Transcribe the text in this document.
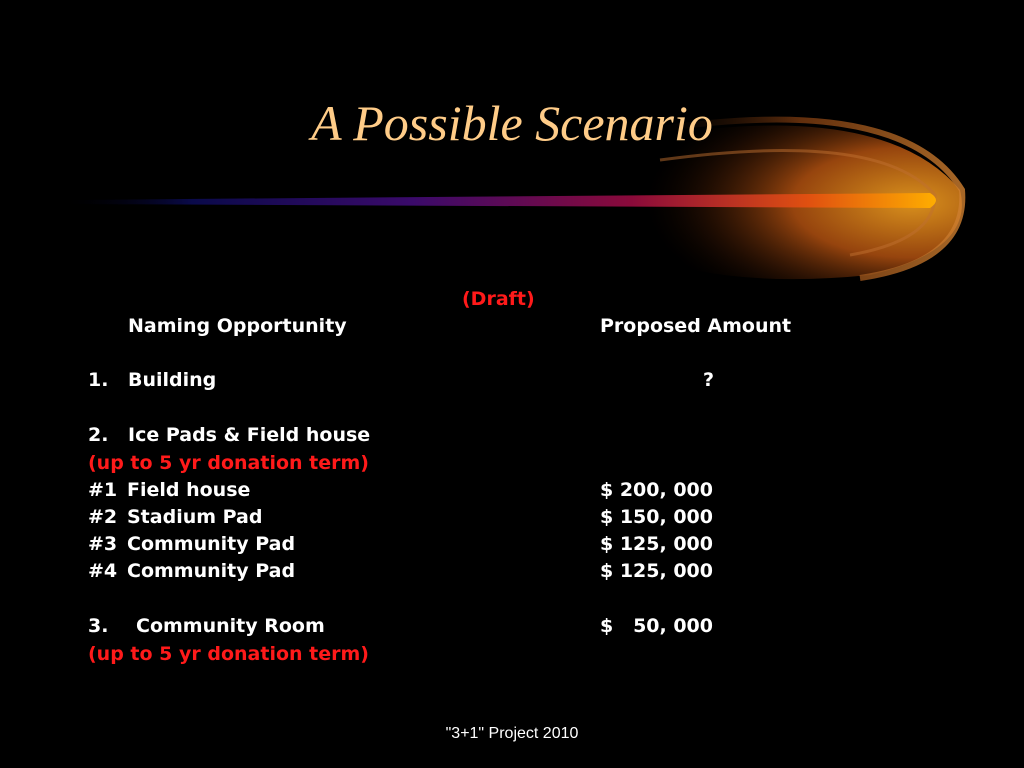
A Possible Scenario
(Draft)
Naming Opportunity	Proposed Amount
1. Building	?
2. Ice Pads & Field house
(up to 5 yr donation term)
#1 Field house	$ 200, 000
#2 Stadium Pad	$ 150, 000
#3 Community Pad	$ 125, 000
#4 Community Pad	$ 125, 000
3. Community Room	$   50, 000
(up to 5 yr donation term)
"3+1" Project 2010
